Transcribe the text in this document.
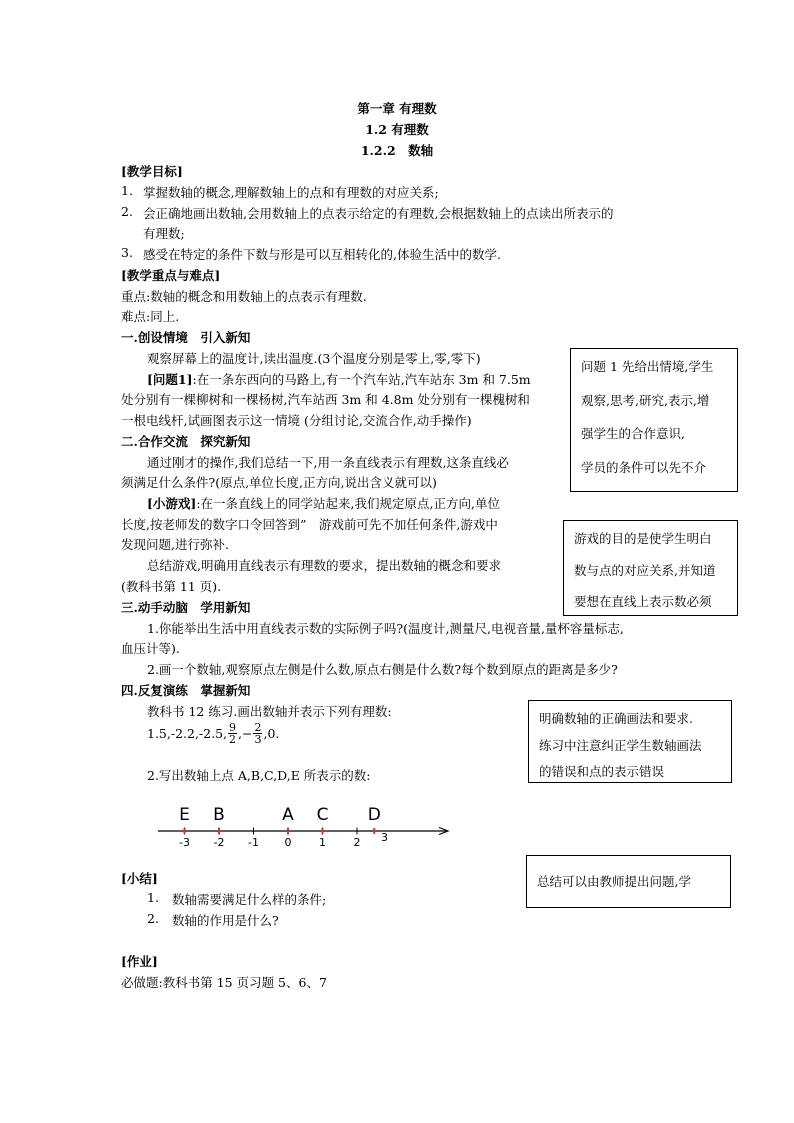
第一章 有理数
1.2 有理数
1.2.2　数轴
[教学目标]
1. 掌握数轴的概念,理解数轴上的点和有理数的对应关系;
2. 会正确地画出数轴,会用数轴上的点表示给定的有理数,会根据数轴上的点读出所表示的
有理数;
3. 感受在特定的条件下数与形是可以互相转化的,体验生活中的数学.
[教学重点与难点]
重点:数轴的概念和用数轴上的点表示有理数.
难点:同上.
一.创设情境　引入新知
观察屏幕上的温度计,读出温度.(3个温度分别是零上,零,零下)
[问题1]:在一条东西向的马路上,有一个汽车站,汽车站东 3m 和 7.5m
处分别有一棵柳树和一棵杨树,汽车站西 3m 和 4.8m 处分别有一棵槐树和
一根电线杆,试画图表示这一情境 (分组讨论,交流合作,动手操作)
二.合作交流　探究新知
通过刚才的操作,我们总结一下,用一条直线表示有理数,这条直线必
须满足什么条件?(原点,单位长度,正方向,说出含义就可以)
[小游戏]:在一条直线上的同学站起来,我们规定原点,正方向,单位
长度,按老师发的数字口令回答到”　游戏前可先不加任何条件,游戏中
发现问题,进行弥补.
总结游戏,明确用直线表示有理数的要求，提出数轴的概念和要求
(教科书第 11 页).
三.动手动脑　学用新知
1.你能举出生活中用直线表示数的实际例子吗?(温度计,测量尺,电视音量,量杯容量标志,
血压计等).
2.画一个数轴,观察原点左侧是什么数,原点右侧是什么数?每个数到原点的距离是多少?
四.反复演练　掌握新知
教科书 12 练习.画出数轴并表示下列有理数:
1.5,-2.2,-2.5, $\frac{9}{2}$ ,− $\frac{2}{3} ,0$.
2.写出数轴上点 A,B,C,D,E 所表示的数:
-3 -2 -1 0	1	2 3
E B	A C D
[小结]
1. 数轴需要满足什么样的条件;
2. 数轴的作用是什么?
[作业]
必做题:教科书第 15 页习题 5、6、7
问题 1 先给出情境,学生
观察,思考,研究,表示,增
强学生的合作意识,
学员的条件可以先不介
游戏的目的是使学生明白
数与点的对应关系,并知道
要想在直线上表示数必须
明确数轴的正确画法和要求.
练习中注意纠正学生数轴画法
的错误和点的表示错误
总结可以由教师提出问题,学
